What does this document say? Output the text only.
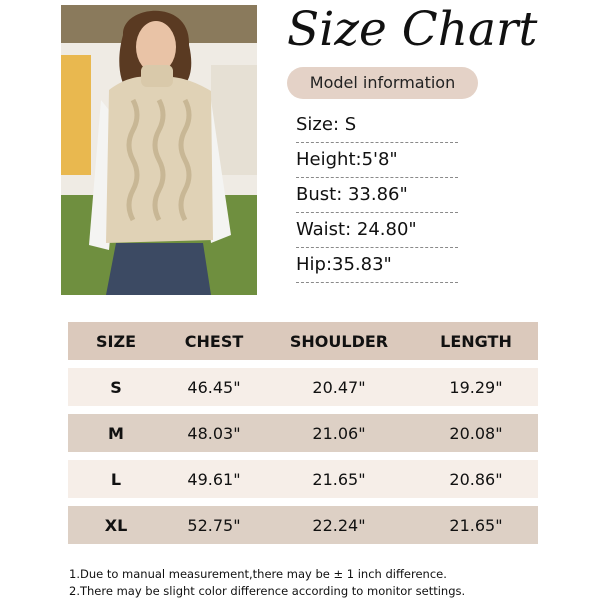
Size Chart
Model information
Size: S
Height:5'8"
Bust: 33.86"
Waist: 24.80"
Hip:35.83"
SIZE	CHEST	SHOULDER	LENGTH
S	46.45"	20.47"	19.29"
M	48.03"	21.06"	20.08"
L	49.61"	21.65"	20.86"
XL	52.75"	22.24"	21.65"
1.Due to manual measurement,there may be ± 1 inch difference.
2.There may be slight color difference according to monitor settings.
